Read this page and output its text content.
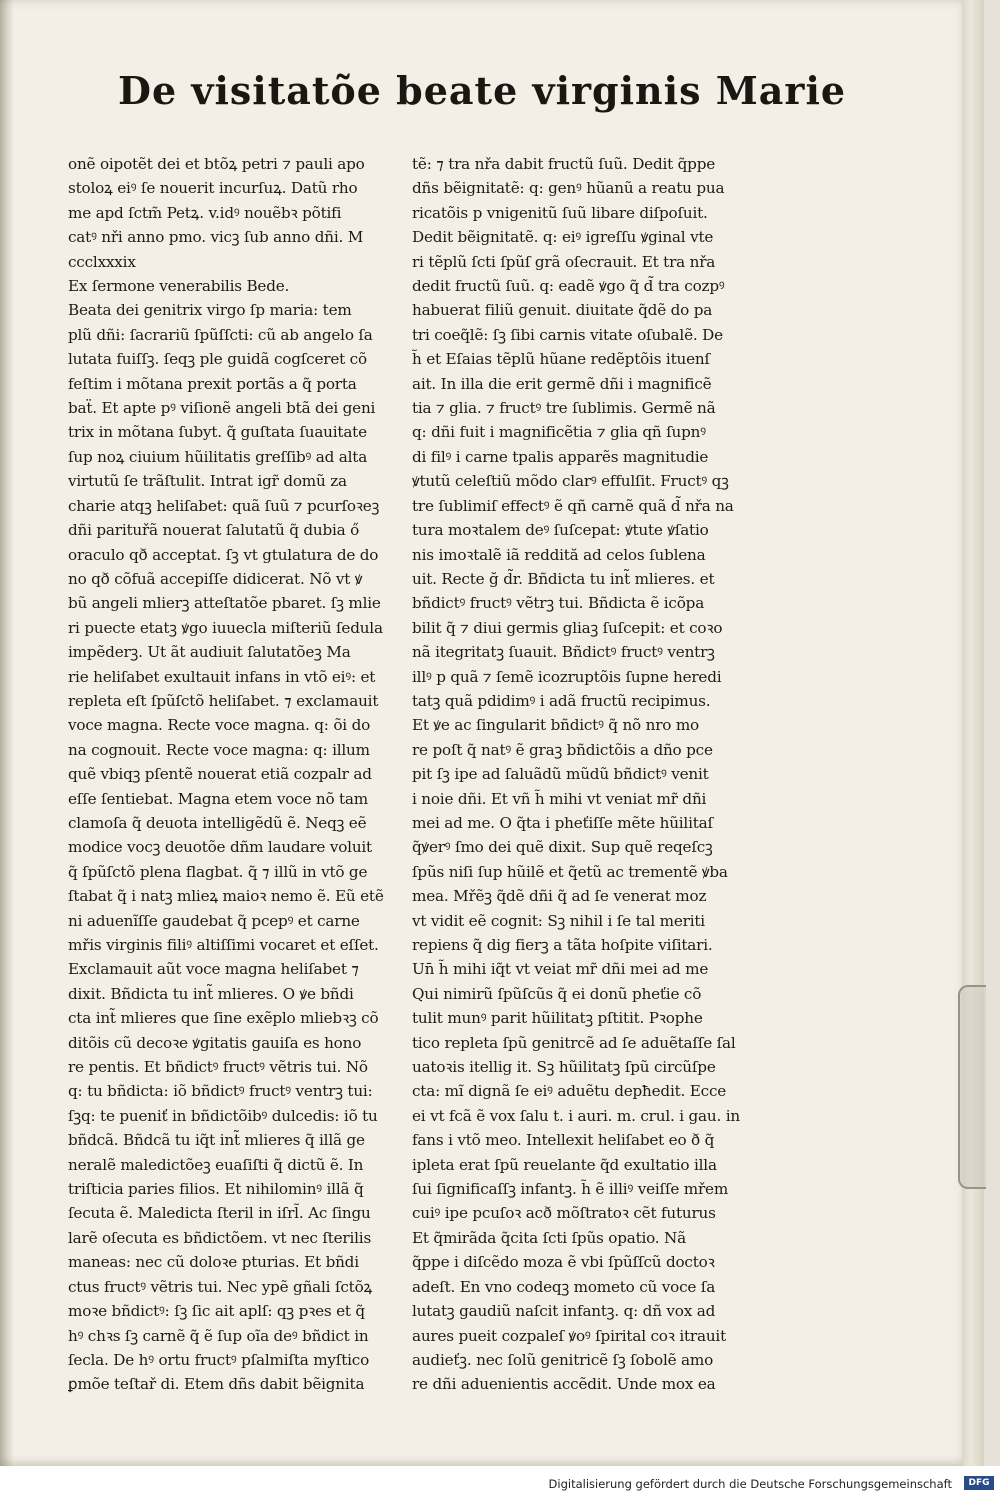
De visitatõe beate virginis Marie
onẽ oipotẽt dei et btõꝝ petri ⁊ pauli apo
stoloꝝ eiꝰ ſe nouerit incurſuꝝ. Datũ rho
me apd ſctm̃ Petꝝ. v.idꝰ nouẽbꝛ põtifi
catꝰ nři anno pmo. vicꝫ ſub anno dñi. M
ccclxxxix
Ex ſermone venerabilis Bede.
Beata dei genitrix virgo ſp maria: tem
plũ dñi: ſacrariũ ſpũſſcti: cũ ab angelo ſa
lutata fuiſſꝫ. ſeqꝫ ple guidã cogſceret cõ
feſtim i mõtana prexit portãs a q̃ porta
baẗ. Et apte pꝰ viſionẽ angeli btã dei geni
trix in mõtana ſubyt. q̃ guſtata ſuauitate
ſup noꝝ ciuium hũilitatis greſſibꝰ ad alta
virtutũ ſe trãſtulit. Intrat igr̃ domũ za
charie atqꝫ heliſabet: quã ſuũ ⁊ pcurſoꝛeꝫ
dñi parituřã nouerat ſalutatũ q̃ dubia ő
oraculo qð acceptat. ſꝫ vt gtulatura de do
no qð cõfuã accepiſſe didicerat. Nõ vt ꝟ
bũ angeli mlierꝫ atteſtatõe pbaret. ſꝫ mlie
ri puecte etatꝫ ꝟgo iuuecla miſteriũ ſedula
impẽderꝫ. Ut ãt audiuit ſalutatõeꝫ Ma
rie heliſabet exultauit infans in vtõ eiꝰ: et
repleta eſt ſpũſctõ heliſabet. ⁊ exclamauit
voce magna. Recte voce magna. q: õi do
na cognouit. Recte voce magna: q: illum
quẽ vbiqꝫ pſentẽ nouerat etiã cozpalr ad
eſſe ſentiebat. Magna etem voce nõ tam
clamoſa q̃ deuota intelligẽdũ ẽ. Neqꝫ eẽ
modice vocꝫ deuotõe dñm laudare voluit
q̃ ſpũſctõ plena flagbat. q̃ ⁊ illũ in vtõ ge
ſtabat q̃ i natꝫ mlieꝝ maioꝛ nemo ẽ. Eũ etẽ
ni aduenĩſſe gaudebat q̃ pcepꝰ et carne
mřis virginis filiꝰ altiſſimi vocaret et eſſet.
Exclamauit aũt voce magna heliſabet ⁊
dixit. Bñdicta tu int̃ mlieres. O ꝟe bñdi
cta int̃ mlieres que ſine exẽplo mliebꝛꝫ cõ
ditõis cũ decoꝛe ꝟgitatis gauiſa es hono
re pentis. Et bñdictꝰ fructꝰ vẽtris tui. Nõ
q: tu bñdicta: iõ bñdictꝰ fructꝰ ventrꝫ tui:
ſꝫq: te pueniť in bñdictõibꝰ dulcedis: iõ tu
bñdcã. Bñdcã tu iq̃t int̃ mlieres q̃ illã ge
neralẽ maledictõeꝫ euaſiſti q̃ dictũ ẽ. In
triſticia paries filios. Et nihilominꝰ illã q̃
ſecuta ẽ. Maledicta ſteril in iſrl̃. Ac ſingu
larẽ oſecuta es bñdictõem. vt nec ſterilis
maneas: nec cũ doloꝛe pturias. Et bñdi
ctus fructꝰ vẽtris tui. Nec ypẽ gñali ſctõꝝ
moꝛe bñdictꝰ: ſꝫ ſic ait aplſ: qꝫ pꝛes et q̃
hꝰ chꝛs ſꝫ carnẽ q̃ ẽ ſup oĩa deꝰ bñdict in
ſecla. De hꝰ ortu fructꝰ pſalmiſta myſtico
ꝑmõe teſtař di. Etem dñs dabit bẽignita
tẽ: ⁊ tra nřa dabit fructũ ſuũ. Dedit q̃ppe
dñs bẽignitatẽ: q: genꝰ hũanũ a reatu pua
ricatõis p vnigenitũ ſuũ libare diſpoſuit.
Dedit bẽignitatẽ. q: eiꝰ igreſſu ꝟginal vte
ri tẽplũ ſcti ſpũſ grã oſecrauit. Et tra nřa
dedit fructũ ſuũ. q: eadẽ ꝟgo q̃ d̃ tra cozpꝰ
habuerat filiũ genuit. diuitate q̃dẽ do pa
tri coeq̃lẽ: ſꝫ ſibi carnis vitate oſubalẽ. De
h̃ et Eſaias tẽplũ hũane redẽptõis ituenſ
ait. In illa die erit germẽ dñi i magnificẽ
tia ⁊ glia. ⁊ fructꝰ tre ſublimis. Germẽ nã
q: dñi fuit i magnificẽtia ⁊ glia qñ ſupnꝰ
di filꝰ i carne tpalis apparẽs magnitudie
ꝟtutũ celeſtiũ mõdo clarꝰ effulſit. Fructꝰ qꝫ
tre ſublimiſ effectꝰ ẽ qñ carnẽ quã d̃ nřa na
tura moꝛtalem deꝰ ſuſcepat: ꝟtute ꝟſatio
nis imoꝛtalẽ iã reddită ad celos ſublena
uit. Recte ğ d̃r. Bñdicta tu int̃ mlieres. et
bñdictꝰ fructꝰ vẽtrꝫ tui. Bñdicta ẽ icõpa
bilit q̃ ⁊ diui germis gliaꝫ ſuſcepit: et coꝛo
nã itegritatꝫ ſuauit. Bñdictꝰ fructꝰ ventrꝫ
illꝰ p quã ⁊ ſemẽ icozruptõis ſupne heredi
tatꝫ quã pdidimꝰ i adã fructũ recipimus.
Et ꝟe ac ſingularit bñdictꝰ q̃ nõ nro mo
re poſt q̃ natꝰ ẽ graꝫ bñdictõis a dño pce
pit ſꝫ ipe ad ſaluãdũ mũdũ bñdictꝰ venit
i noie dñi. Et vñ h̃ mihi vt veniat mr̃ dñi
mei ad me. O q̃ta i pheťiſſe mẽte hũilitaſ
q̃ꝟerꝰ ſmo dei quẽ dixit. Sup quẽ reqeſcꝫ
ſpũs niſi ſup hũilẽ et q̃etũ ac trementẽ ꝟba
mea. Mřẽꝫ q̃dẽ dñi q̃ ad ſe venerat moz
vt vidit eẽ cognit: Sꝫ nihil i ſe tal meriti
repiens q̃ dig fierꝫ a tãta hoſpite viſitari.
Un̄ h̃ mihi iq̃t vt veiat mr̃ dñi mei ad me
Qui nimirũ ſpũſcũs q̃ ei donũ pheťie cõ
tulit munꝰ parit hũilitatꝫ pſtitit. Pꝛophe
tico repleta ſpũ genitrcẽ ad ſe aduẽtaſſe ſal
uatoꝛis itellig it. Sꝫ hũilitatꝫ ſpũ circũſpe
cta: mĩ dignã ſe eiꝰ aduẽtu depħedit. Ecce
ei vt fcã ẽ vox ſalu t. i auri. m. crul. i gau. in
fans i vtõ meo. Intellexit heliſabet eo ð q̃
ipleta erat ſpũ reuelante q̃d exultatio illa
ſui ſignificaſſꝫ infantꝫ. h̃ ẽ illiꝰ veiſſe mřem
cuiꝰ ipe pcuſoꝛ acð mõſtratoꝛ cẽt futurus
Et q̃mirãda q̃cita ſcti ſpũs opatio. Nã
q̃ppe i diſcẽdo moza ẽ vbi ſpũſſcũ doctoꝛ
adeſt. En vno codeqꝫ mometo cũ voce ſa
lutatꝫ gaudiũ naſcit infantꝫ. q: dñ vox ad
aures pueit cozpaleſ ꝟoꝰ ſpirital coꝛ itrauit
audieťꝫ. nec ſolũ genitricẽ ſꝫ ſobolẽ amo
re dñi aduenientis accẽdit. Unde mox ea
Digitalisierung gefördert durch die Deutsche Forschungsgemeinschaft	DFG
